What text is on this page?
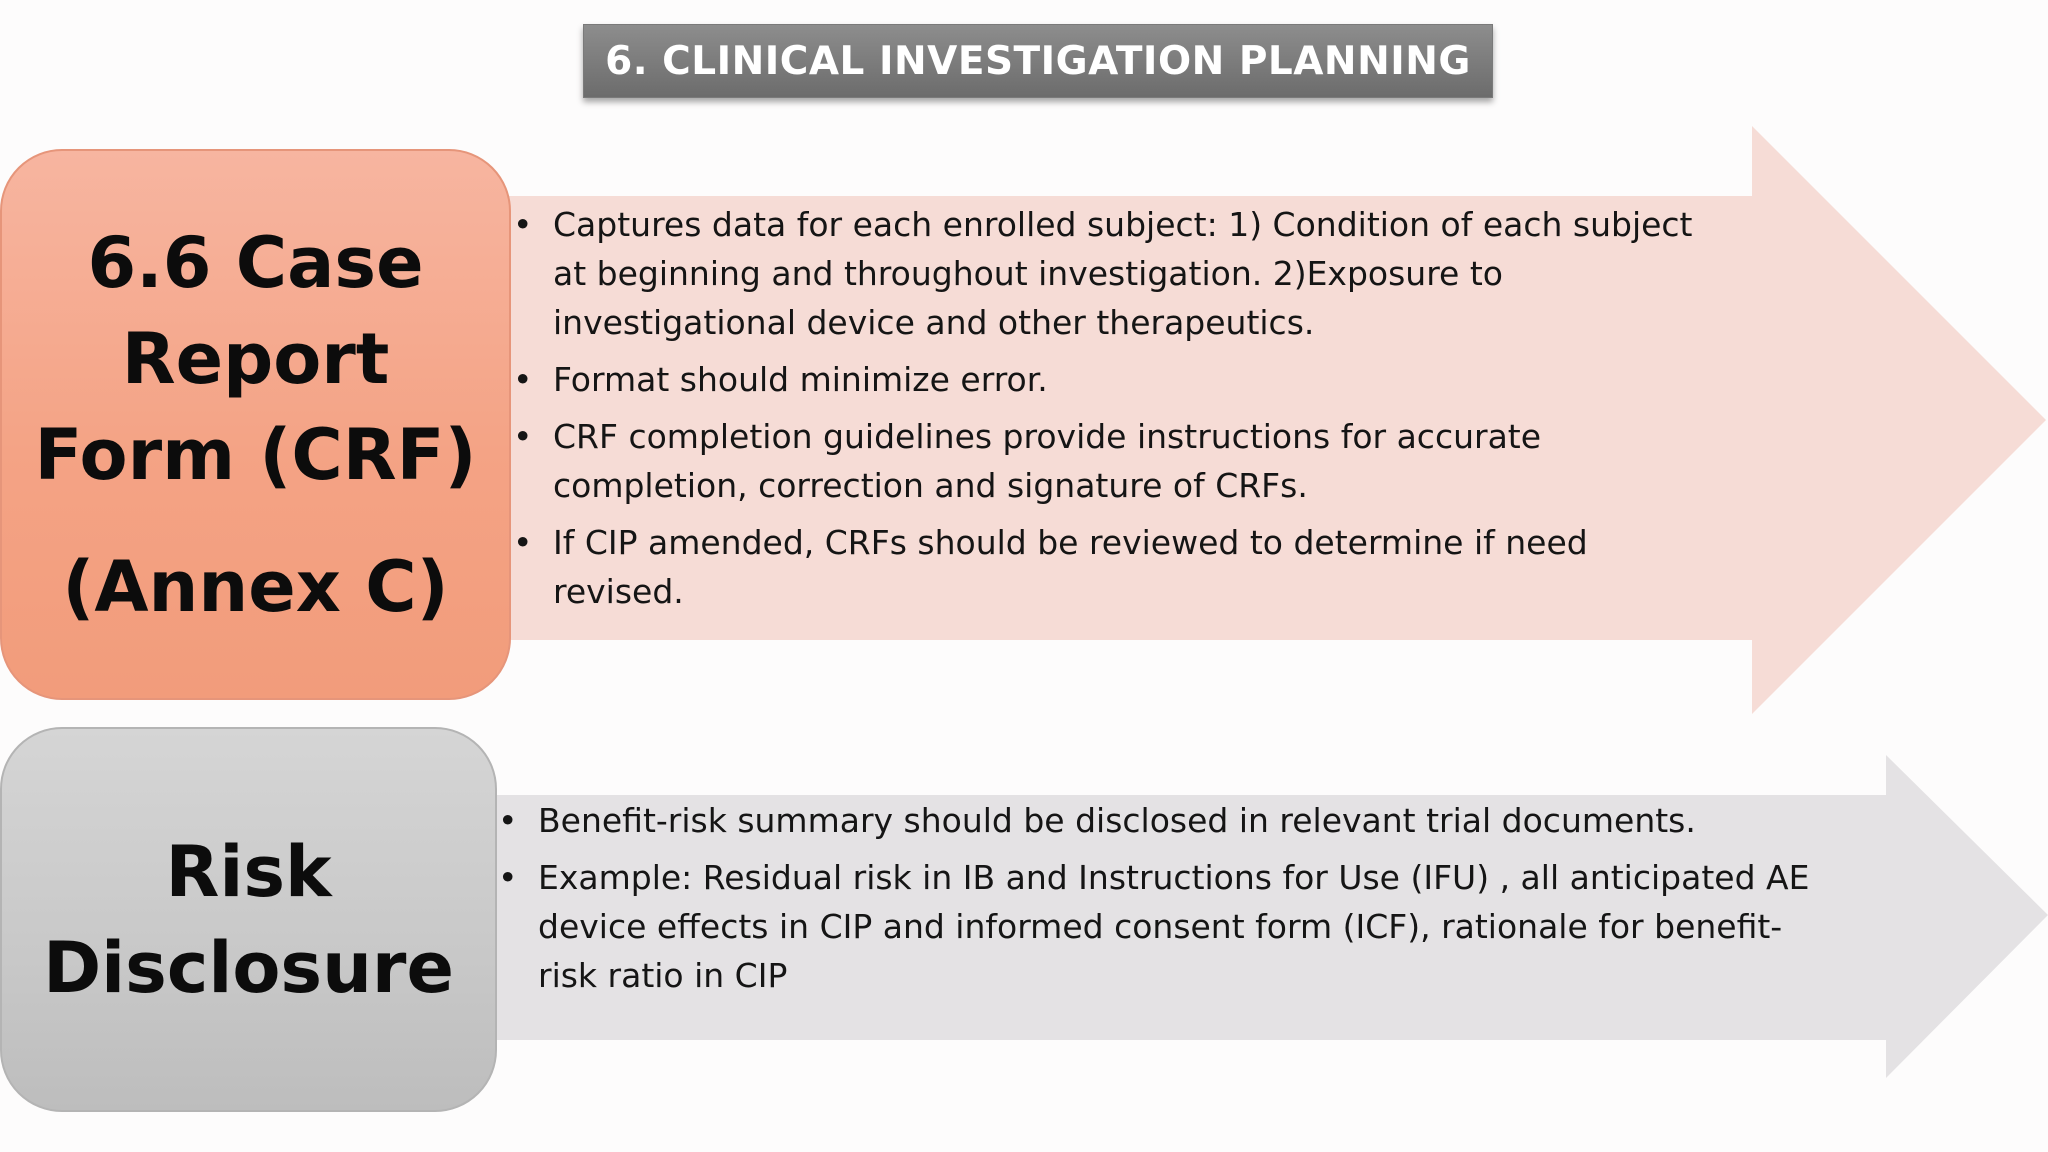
6. CLINICAL INVESTIGATION PLANNING
6.6 Case
Report
Form (CRF)
(Annex C)
• Captures data for each enrolled subject: 1) Condition of each subject
at beginning and throughout investigation. 2)Exposure to
investigational device and other therapeutics.
• Format should minimize error.
• CRF completion guidelines provide instructions for accurate
completion, correction and signature of CRFs.
• If CIP amended, CRFs should be reviewed to determine if need
revised.
Risk
Disclosure
• Benefit-risk summary should be disclosed in relevant trial documents.
• Example: Residual risk in IB and Instructions for Use (IFU) , all anticipated AE
device effects in CIP and informed consent form (ICF), rationale for benefit-
risk ratio in CIP
